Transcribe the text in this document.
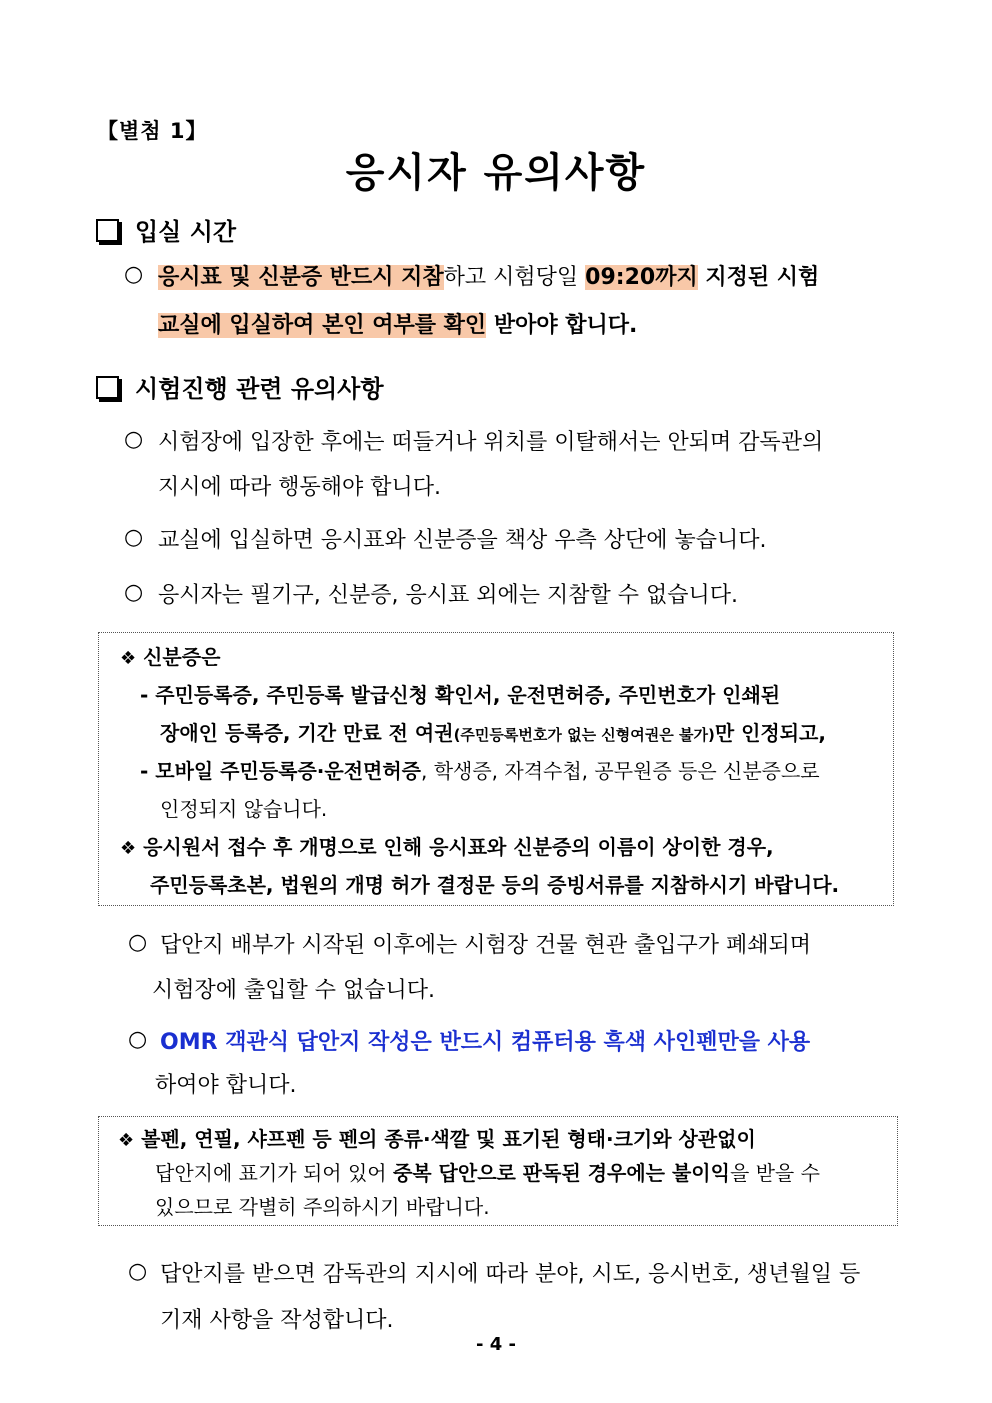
【별첨 1】
응시자 유의사항
입실 시간
○ 응시표 및 신분증 반드시 지참하고 시험당일 09:20까지 지정된 시험
교실에 입실하여 본인 여부를 확인 받아야 합니다.
시험진행 관련 유의사항
○ 시험장에 입장한 후에는 떠들거나 위치를 이탈해서는 안되며 감독관의
지시에 따라 행동해야 합니다.
○ 교실에 입실하면 응시표와 신분증을 책상 우측 상단에 놓습니다.
○ 응시자는 필기구, 신분증, 응시표 외에는 지참할 수 없습니다.
❖ 신분증은
- 주민등록증, 주민등록 발급신청 확인서, 운전면허증, 주민번호가 인쇄된
장애인 등록증, 기간 만료 전 여권(주민등록번호가 없는 신형여권은 불가)만 인정되고,
- 모바일 주민등록증·운전면허증, 학생증, 자격수첩, 공무원증 등은 신분증으로
인정되지 않습니다.
❖ 응시원서 접수 후 개명으로 인해 응시표와 신분증의 이름이 상이한 경우,
주민등록초본, 법원의 개명 허가 결정문 등의 증빙서류를 지참하시기 바랍니다.
○ 답안지 배부가 시작된 이후에는 시험장 건물 현관 출입구가 폐쇄되며
시험장에 출입할 수 없습니다.
○ OMR 객관식 답안지 작성은 반드시 컴퓨터용 흑색 사인펜만을 사용
하여야 합니다.
❖ 볼펜, 연필, 샤프펜 등 펜의 종류·색깔 및 표기된 형태·크기와 상관없이
답안지에 표기가 되어 있어 중복 답안으로 판독된 경우에는 불이익을 받을 수
있으므로 각별히 주의하시기 바랍니다.
○ 답안지를 받으면 감독관의 지시에 따라 분야, 시도, 응시번호, 생년월일 등
기재 사항을 작성합니다.
- 4 -
